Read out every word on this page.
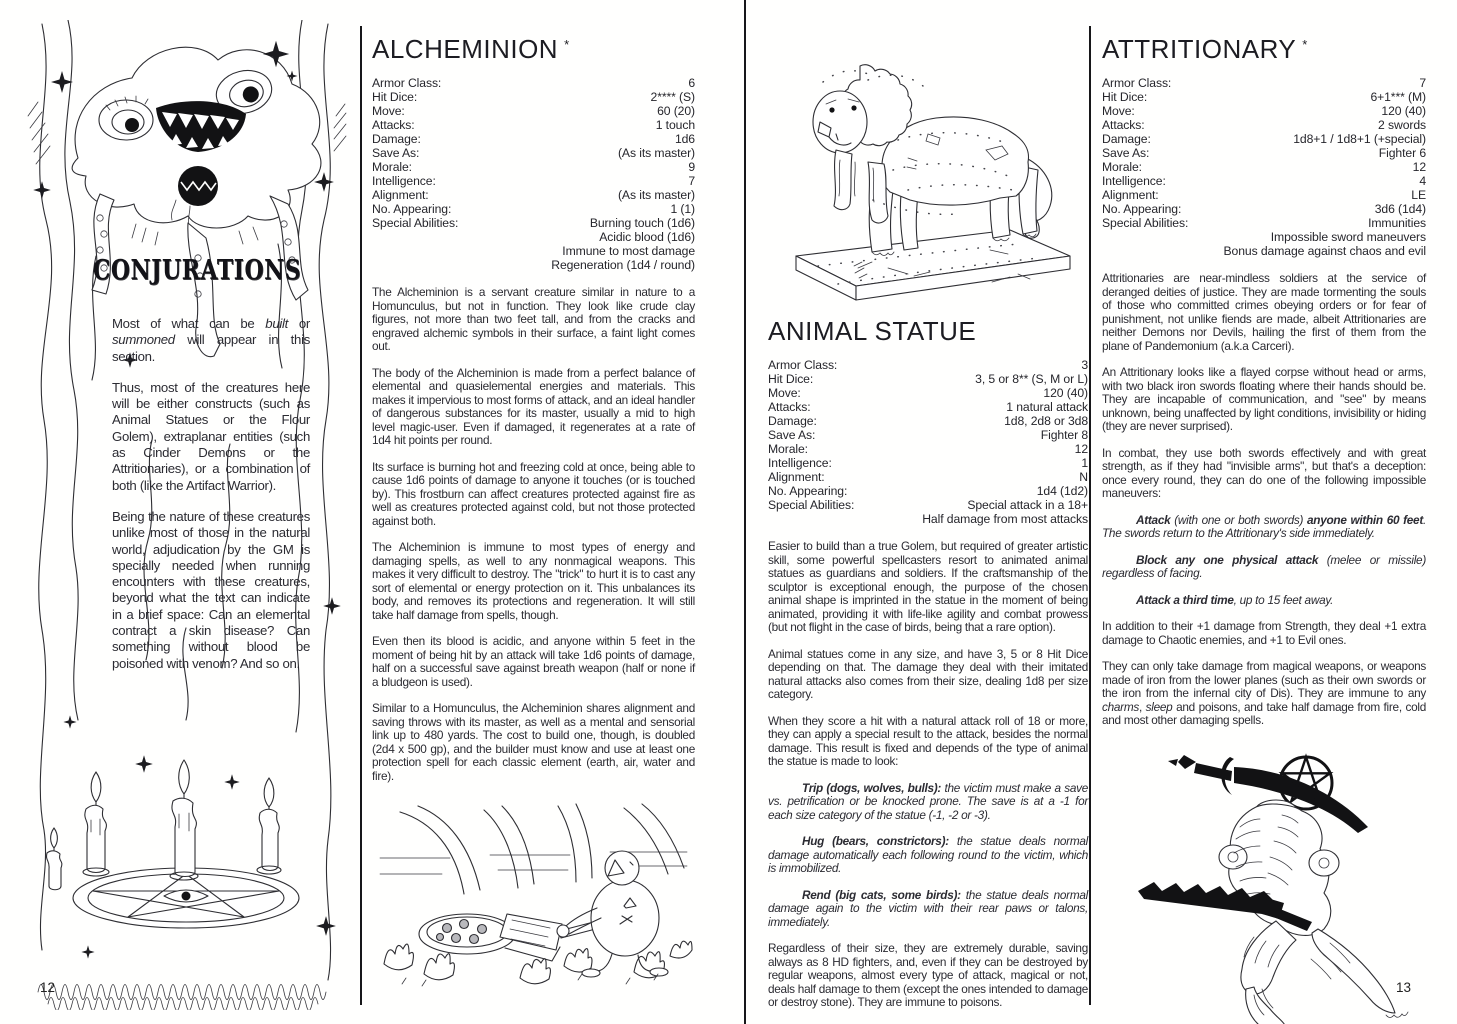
CONJURATIONS

Most of what can be built or summoned will appear in this section.

Thus, most of the creatures here will be either constructs (such as Animal Statues or the Flour Golem), extraplanar entities (such as Cinder Demons or the Attritionaries), or a combination of both (like the Artifact Warrior).

Being the nature of these creatures unlike most of those in the natural world, adjudication by the GM is specially needed when running encounters with these creatures, beyond what the text can indicate in a brief space: Can an elemental contract a skin disease? Can something without blood be poisoned with venom? And so on.

ALCHEMINION *
Armor Class:	6
Hit Dice:	2**** (S)
Move:	60 (20)
Attacks:	1 touch
Damage:	1d6
Save As:	(As its master)
Morale:	9
Intelligence:	7
Alignment:	(As its master)
No. Appearing:	1 (1)
Special Abilities:	Burning touch (1d6)
Acidic blood (1d6)
Immune to most damage
Regeneration (1d4 / round)

The Alcheminion is a servant creature similar in nature to a Homunculus, but not in function. They look like crude clay figures, not more than two feet tall, and from the cracks and engraved alchemic symbols in their surface, a faint light comes out.

The body of the Alcheminion is made from a perfect balance of elemental and quasielemental energies and materials. This makes it impervious to most forms of attack, and an ideal handler of dangerous substances for its master, usually a mid to high level magic-user. Even if damaged, it regenerates at a rate of 1d4 hit points per round.

Its surface is burning hot and freezing cold at once, being able to cause 1d6 points of damage to anyone it touches (or is touched by). This frostburn can affect creatures protected against fire as well as creatures protected against cold, but not those protected against both.

The Alcheminion is immune to most types of energy and damaging spells, as well to any nonmagical weapons. This makes it very difficult to destroy. The "trick" to hurt it is to cast any sort of elemental or energy protection on it. This unbalances its body, and removes its protections and regeneration. It will still take half damage from spells, though.

Even then its blood is acidic, and anyone within 5 feet in the moment of being hit by an attack will take 1d6 points of damage, half on a successful save against breath weapon (half or none if a bludgeon is used).

Similar to a Homunculus, the Alcheminion shares alignment and saving throws with its master, as well as a mental and sensorial link up to 480 yards. The cost to build one, though, is doubled (2d4 x 500 gp), and the builder must know and use at least one protection spell for each classic element (earth, air, water and fire).

ANIMAL STATUE
Armor Class:	3
Hit Dice:	3, 5 or 8** (S, M or L)
Move:	120 (40)
Attacks:	1 natural attack
Damage:	1d8, 2d8 or 3d8
Save As:	Fighter 8
Morale:	12
Intelligence:	1
Alignment:	N
No. Appearing:	1d4 (1d2)
Special Abilities:	Special attack in a 18+
Half damage from most attacks

Easier to build than a true Golem, but required of greater artistic skill, some powerful spellcasters resort to animated animal statues as guardians and soldiers. If the craftsmanship of the sculptor is exceptional enough, the purpose of the chosen animal shape is imprinted in the statue in the moment of being animated, providing it with life-like agility and combat prowess (but not flight in the case of birds, being that a rare option).

Animal statues come in any size, and have 3, 5 or 8 Hit Dice depending on that. The damage they deal with their imitated natural attacks also comes from their size, dealing 1d8 per size category.

When they score a hit with a natural attack roll of 18 or more, they can apply a special result to the attack, besides the normal damage. This result is fixed and depends of the type of animal the statue is made to look:

Trip (dogs, wolves, bulls): the victim must make a save vs. petrification or be knocked prone. The save is at a -1 for each size category of the statue (-1, -2 or -3).

Hug (bears, constrictors): the statue deals normal damage automatically each following round to the victim, which is immobilized.

Rend (big cats, some birds): the statue deals normal damage again to the victim with their rear paws or talons, immediately.

Regardless of their size, they are extremely durable, saving always as 8 HD fighters, and, even if they can be destroyed by regular weapons, almost every type of attack, magical or not, deals half damage to them (except the ones intended to damage or destroy stone). They are immune to poisons.

ATTRITIONARY *
Armor Class:	7
Hit Dice:	6+1*** (M)
Move:	120 (40)
Attacks:	2 swords
Damage:	1d8+1 / 1d8+1 (+special)
Save As:	Fighter 6
Morale:	12
Intelligence:	4
Alignment:	LE
No. Appearing:	3d6 (1d4)
Special Abilities:	Immunities
Impossible sword maneuvers
Bonus damage against chaos and evil

Attritionaries are near-mindless soldiers at the service of deranged deities of justice. They are made tormenting the souls of those who committed crimes obeying orders or for fear of punishment, not unlike fiends are made, albeit Attritionaries are neither Demons nor Devils, hailing the first of them from the plane of Pandemonium (a.k.a Carceri).

An Attritionary looks like a flayed corpse without head or arms, with two black iron swords floating where their hands should be. They are incapable of communication, and "see" by means unknown, being unaffected by light conditions, invisibility or hiding (they are never surprised).

In combat, they use both swords effectively and with great strength, as if they had "invisible arms", but that's a deception: once every round, they can do one of the following impossible maneuvers:

Attack (with one or both swords) anyone within 60 feet. The swords return to the Attritionary's side immediately.

Block any one physical attack (melee or missile) regardless of facing.

Attack a third time, up to 15 feet away.

In addition to their +1 damage from Strength, they deal +1 extra damage to Chaotic enemies, and +1 to Evil ones.

They can only take damage from magical weapons, or weapons made of iron from the lower planes (such as their own swords or the iron from the infernal city of Dis). They are immune to any charms, sleep and poisons, and take half damage from fire, cold and most other damaging spells.

12	13
